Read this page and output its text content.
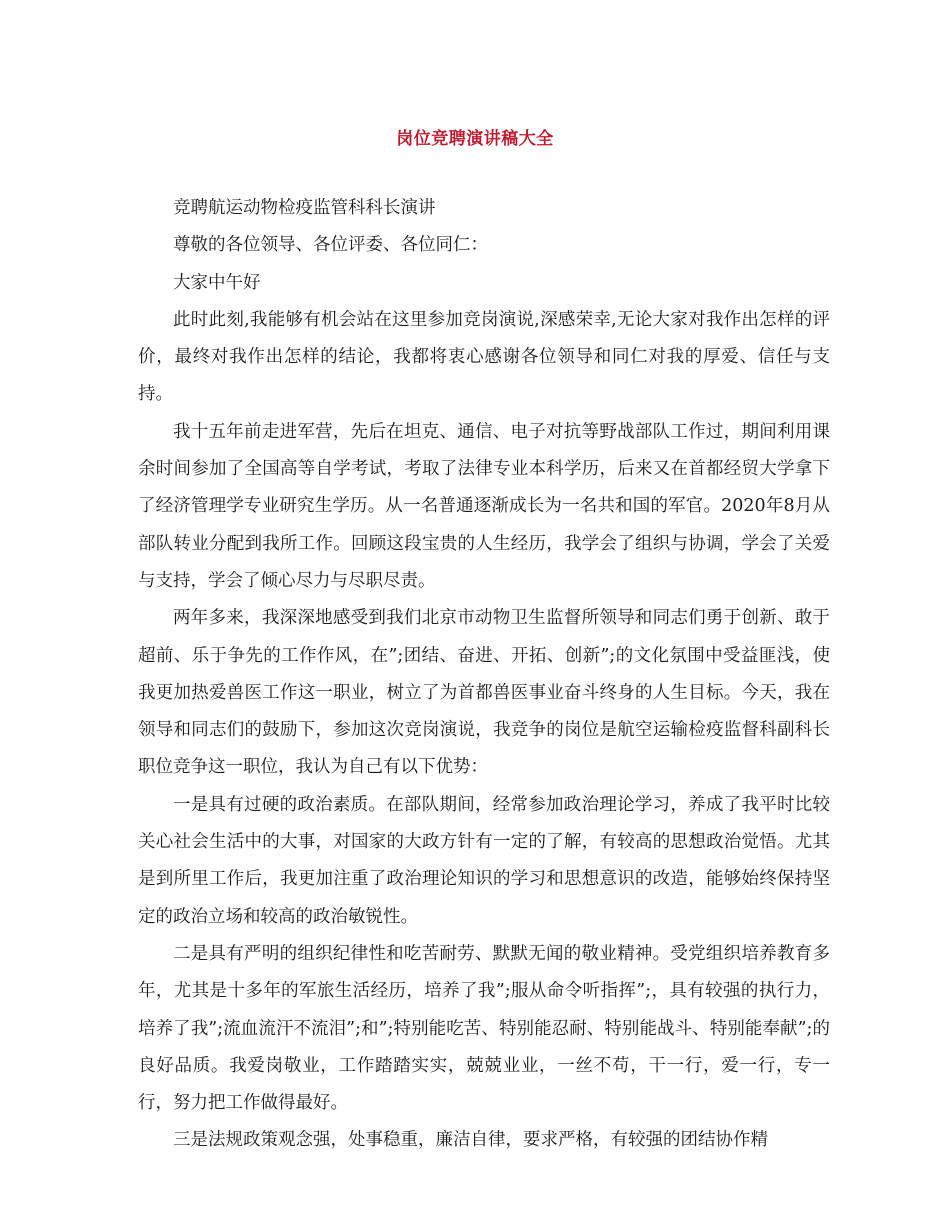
岗位竞聘演讲稿大全

竞聘航运动物检疫监管科科长演讲

尊敬的各位领导、各位评委、各位同仁：

大家中午好

此时此刻,我能够有机会站在这里参加竞岗演说,深感荣幸,无论大家对我作出怎样的评价，最终对我作出怎样的结论，我都将衷心感谢各位领导和同仁对我的厚爱、信任与支持。

我十五年前走进军营，先后在坦克、通信、电子对抗等野战部队工作过，期间利用课余时间参加了全国高等自学考试，考取了法律专业本科学历，后来又在首都经贸大学拿下了经济管理学专业研究生学历。从一名普通逐渐成长为一名共和国的军官。2020年8月从部队转业分配到我所工作。回顾这段宝贵的人生经历，我学会了组织与协调，学会了关爱与支持，学会了倾心尽力与尽职尽责。

两年多来，我深深地感受到我们北京市动物卫生监督所领导和同志们勇于创新、敢于超前、乐于争先的工作作风，在”;团结、奋进、开拓、创新”;的文化氛围中受益匪浅，使我更加热爱兽医工作这一职业，树立了为首都兽医事业奋斗终身的人生目标。今天，我在领导和同志们的鼓励下，参加这次竞岗演说，我竞争的岗位是航空运输检疫监督科副科长职位竞争这一职位，我认为自己有以下优势：

一是具有过硬的政治素质。在部队期间，经常参加政治理论学习，养成了我平时比较关心社会生活中的大事，对国家的大政方针有一定的了解，有较高的思想政治觉悟。尤其是到所里工作后，我更加注重了政治理论知识的学习和思想意识的改造，能够始终保持坚定的政治立场和较高的政治敏锐性。

二是具有严明的组织纪律性和吃苦耐劳、默默无闻的敬业精神。受党组织培养教育多年，尤其是十多年的军旅生活经历，培养了我”;服从命令听指挥”;，具有较强的执行力，培养了我”;流血流汗不流泪”;和”;特别能吃苦、特别能忍耐、特别能战斗、特别能奉献”;的良好品质。我爱岗敬业，工作踏踏实实，兢兢业业，一丝不苟，干一行，爱一行，专一行，努力把工作做得最好。

三是法规政策观念强，处事稳重，廉洁自律，要求严格，有较强的团结协作精
